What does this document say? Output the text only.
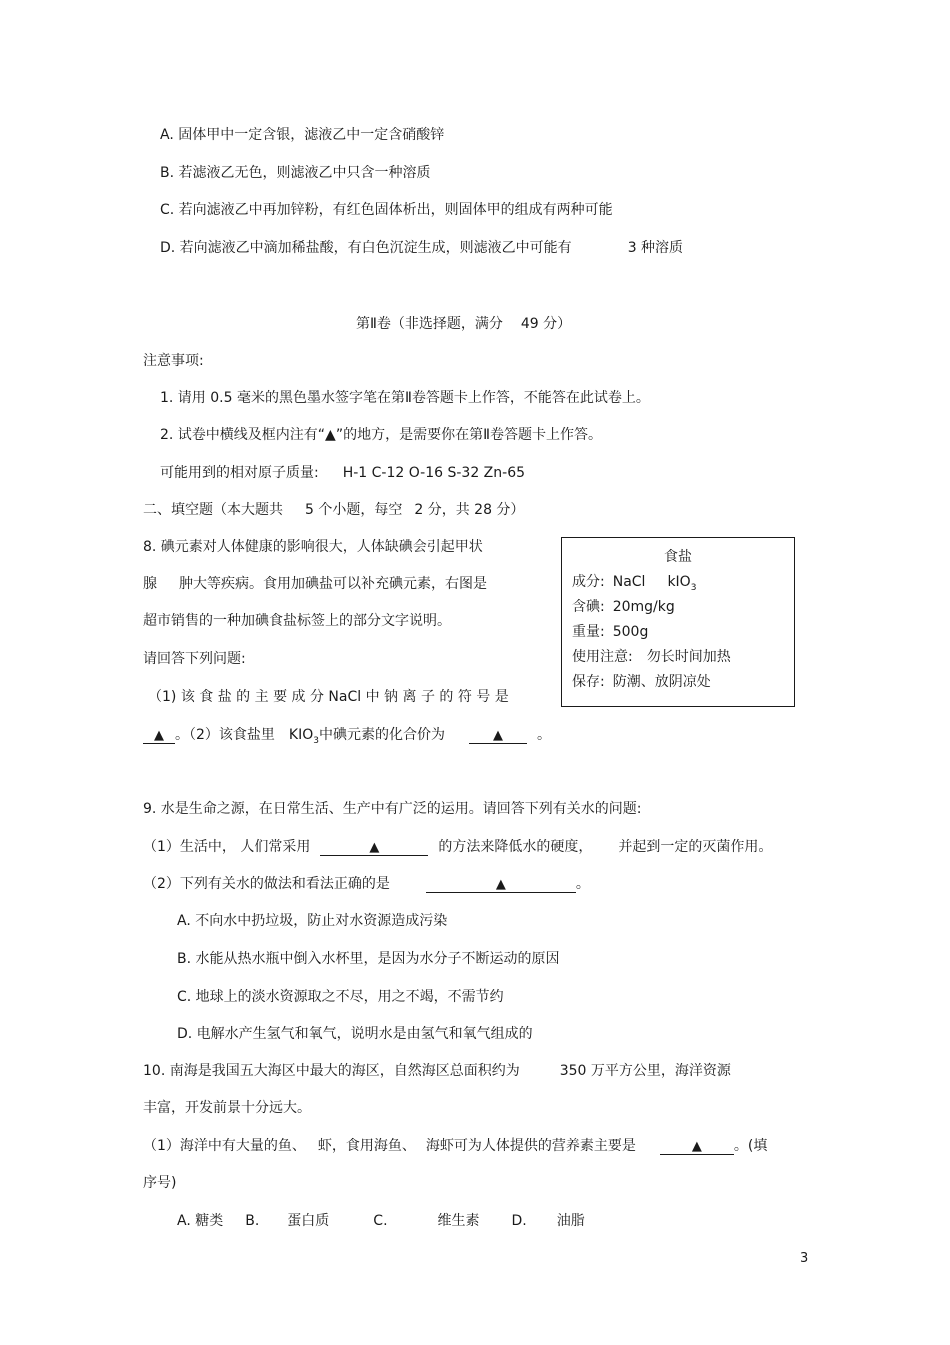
A. 固体甲中一定含银，滤液乙中一定含硝酸锌
B. 若滤液乙无色，则滤液乙中只含一种溶质
C. 若向滤液乙中再加锌粉，有红色固体析出，则固体甲的组成有两种可能
D. 若向滤液乙中滴加稀盐酸，有白色沉淀生成，则滤液乙中可能有	3 种溶质
第Ⅱ卷（非选择题，满分 49 分）
注意事项:
1. 请用 0.5 毫米的黑色墨水签字笔在第Ⅱ卷答题卡上作答，不能答在此试卷上。
2. 试卷中横线及框内注有“▲”的地方，是需要你在第Ⅱ卷答题卡上作答。
可能用到的相对原子质量: H-1 C-12 O-16 S-32 Zn-65
二、填空题（本大题共 5 个小题，每空 2 分，共 28 分）
8. 碘元素对人体健康的影响很大，人体缺碘会引起甲状
腺 肿大等疾病。食用加碘盐可以补充碘元素，右图是
超市销售的一种加碘食盐标签上的部分文字说明。
请回答下列问题:
（1) 该 食 盐 的 主 要 成 分 NaCl 中 钠 离 子 的 符 号 是
▲ 。（2）该食盐里 $KIO_3$中碘元素的化合价为	▲ 。
食盐
成分: NaCl kIO$_3$
含碘: 20mg/kg
重量: 500g
使用注意: 勿长时间加热
保存: 防潮、放阴凉处
9. 水是生命之源，在日常生活、生产中有广泛的运用。请回答下列有关水的问题:
（1）生活中， 人们常采用	▲	的方法来降低水的硬度， 并起到一定的灭菌作用。
（2）下列有关水的做法和看法正确的是	▲	。
A. 不向水中扔垃圾，防止对水资源造成污染
B. 水能从热水瓶中倒入水杯里，是因为水分子不断运动的原因
C. 地球上的淡水资源取之不尽，用之不竭，不需节约
D. 电解水产生氢气和氧气，说明水是由氢气和氧气组成的
10. 南海是我国五大海区中最大的海区，自然海区总面积约为	350 万平方公里，海洋资源
丰富，开发前景十分远大。
（1）海洋中有大量的鱼、 虾，食用海鱼、 海虾可为人体提供的营养素主要是	▲ 。(填
序号)
A. 糖类 B. 蛋白质	C.	维生素 D. 油脂
3
